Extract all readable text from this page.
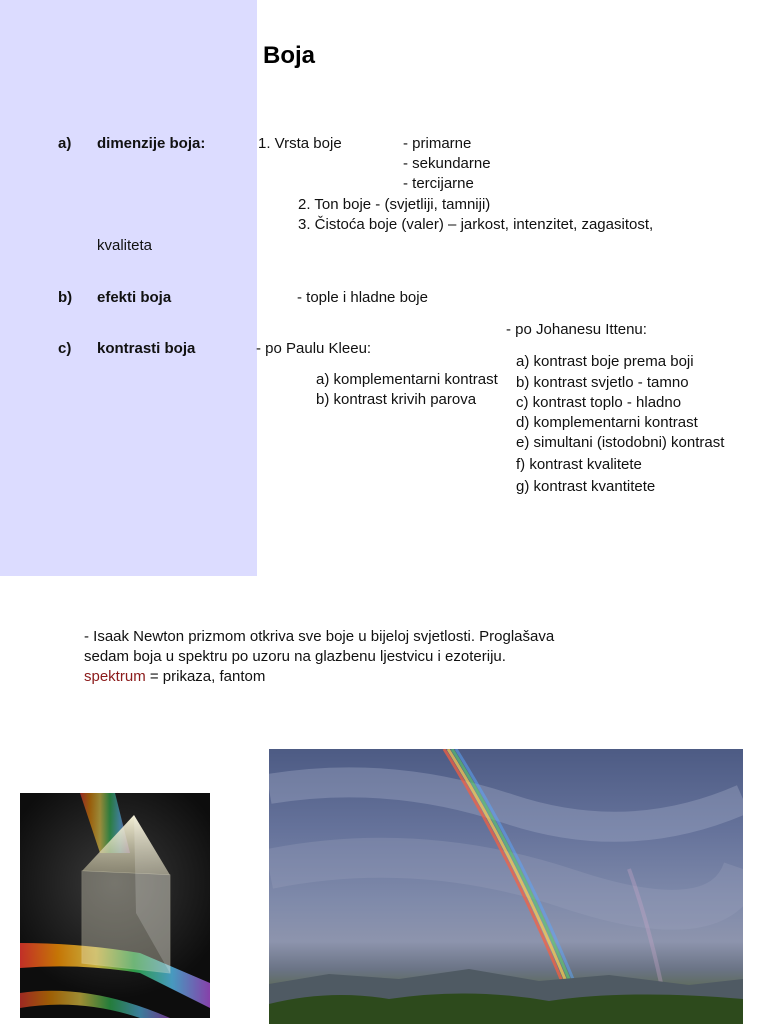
Boja
a) dimenzije boja:	1. Vrsta boje	- primarne
- sekundarne
- tercijarne
2. Ton boje - (svjetliji, tamniji)
3. Čistoća boje (valer) – jarkost, intenzitet, zagasitost,
kvaliteta
b) efekti boja	- tople i hladne boje
c) kontrasti boja	- po Paulu Kleeu:
a) komplementarni kontrast
b) kontrast krivih parova
- po Johanesu Ittenu:
a) kontrast boje prema boji
b) kontrast svjetlo - tamno
c) kontrast toplo - hladno
d) komplementarni kontrast
e) simultani (istodobni) kontrast
f) kontrast kvalitete
g) kontrast kvantitete
- Isaak Newton prizmom otkriva sve boje u bijeloj svjetlosti. Proglašava
sedam boja u spektru po uzoru na glazbenu ljestvicu i ezoteriju.
spektrum = prikaza, fantom
